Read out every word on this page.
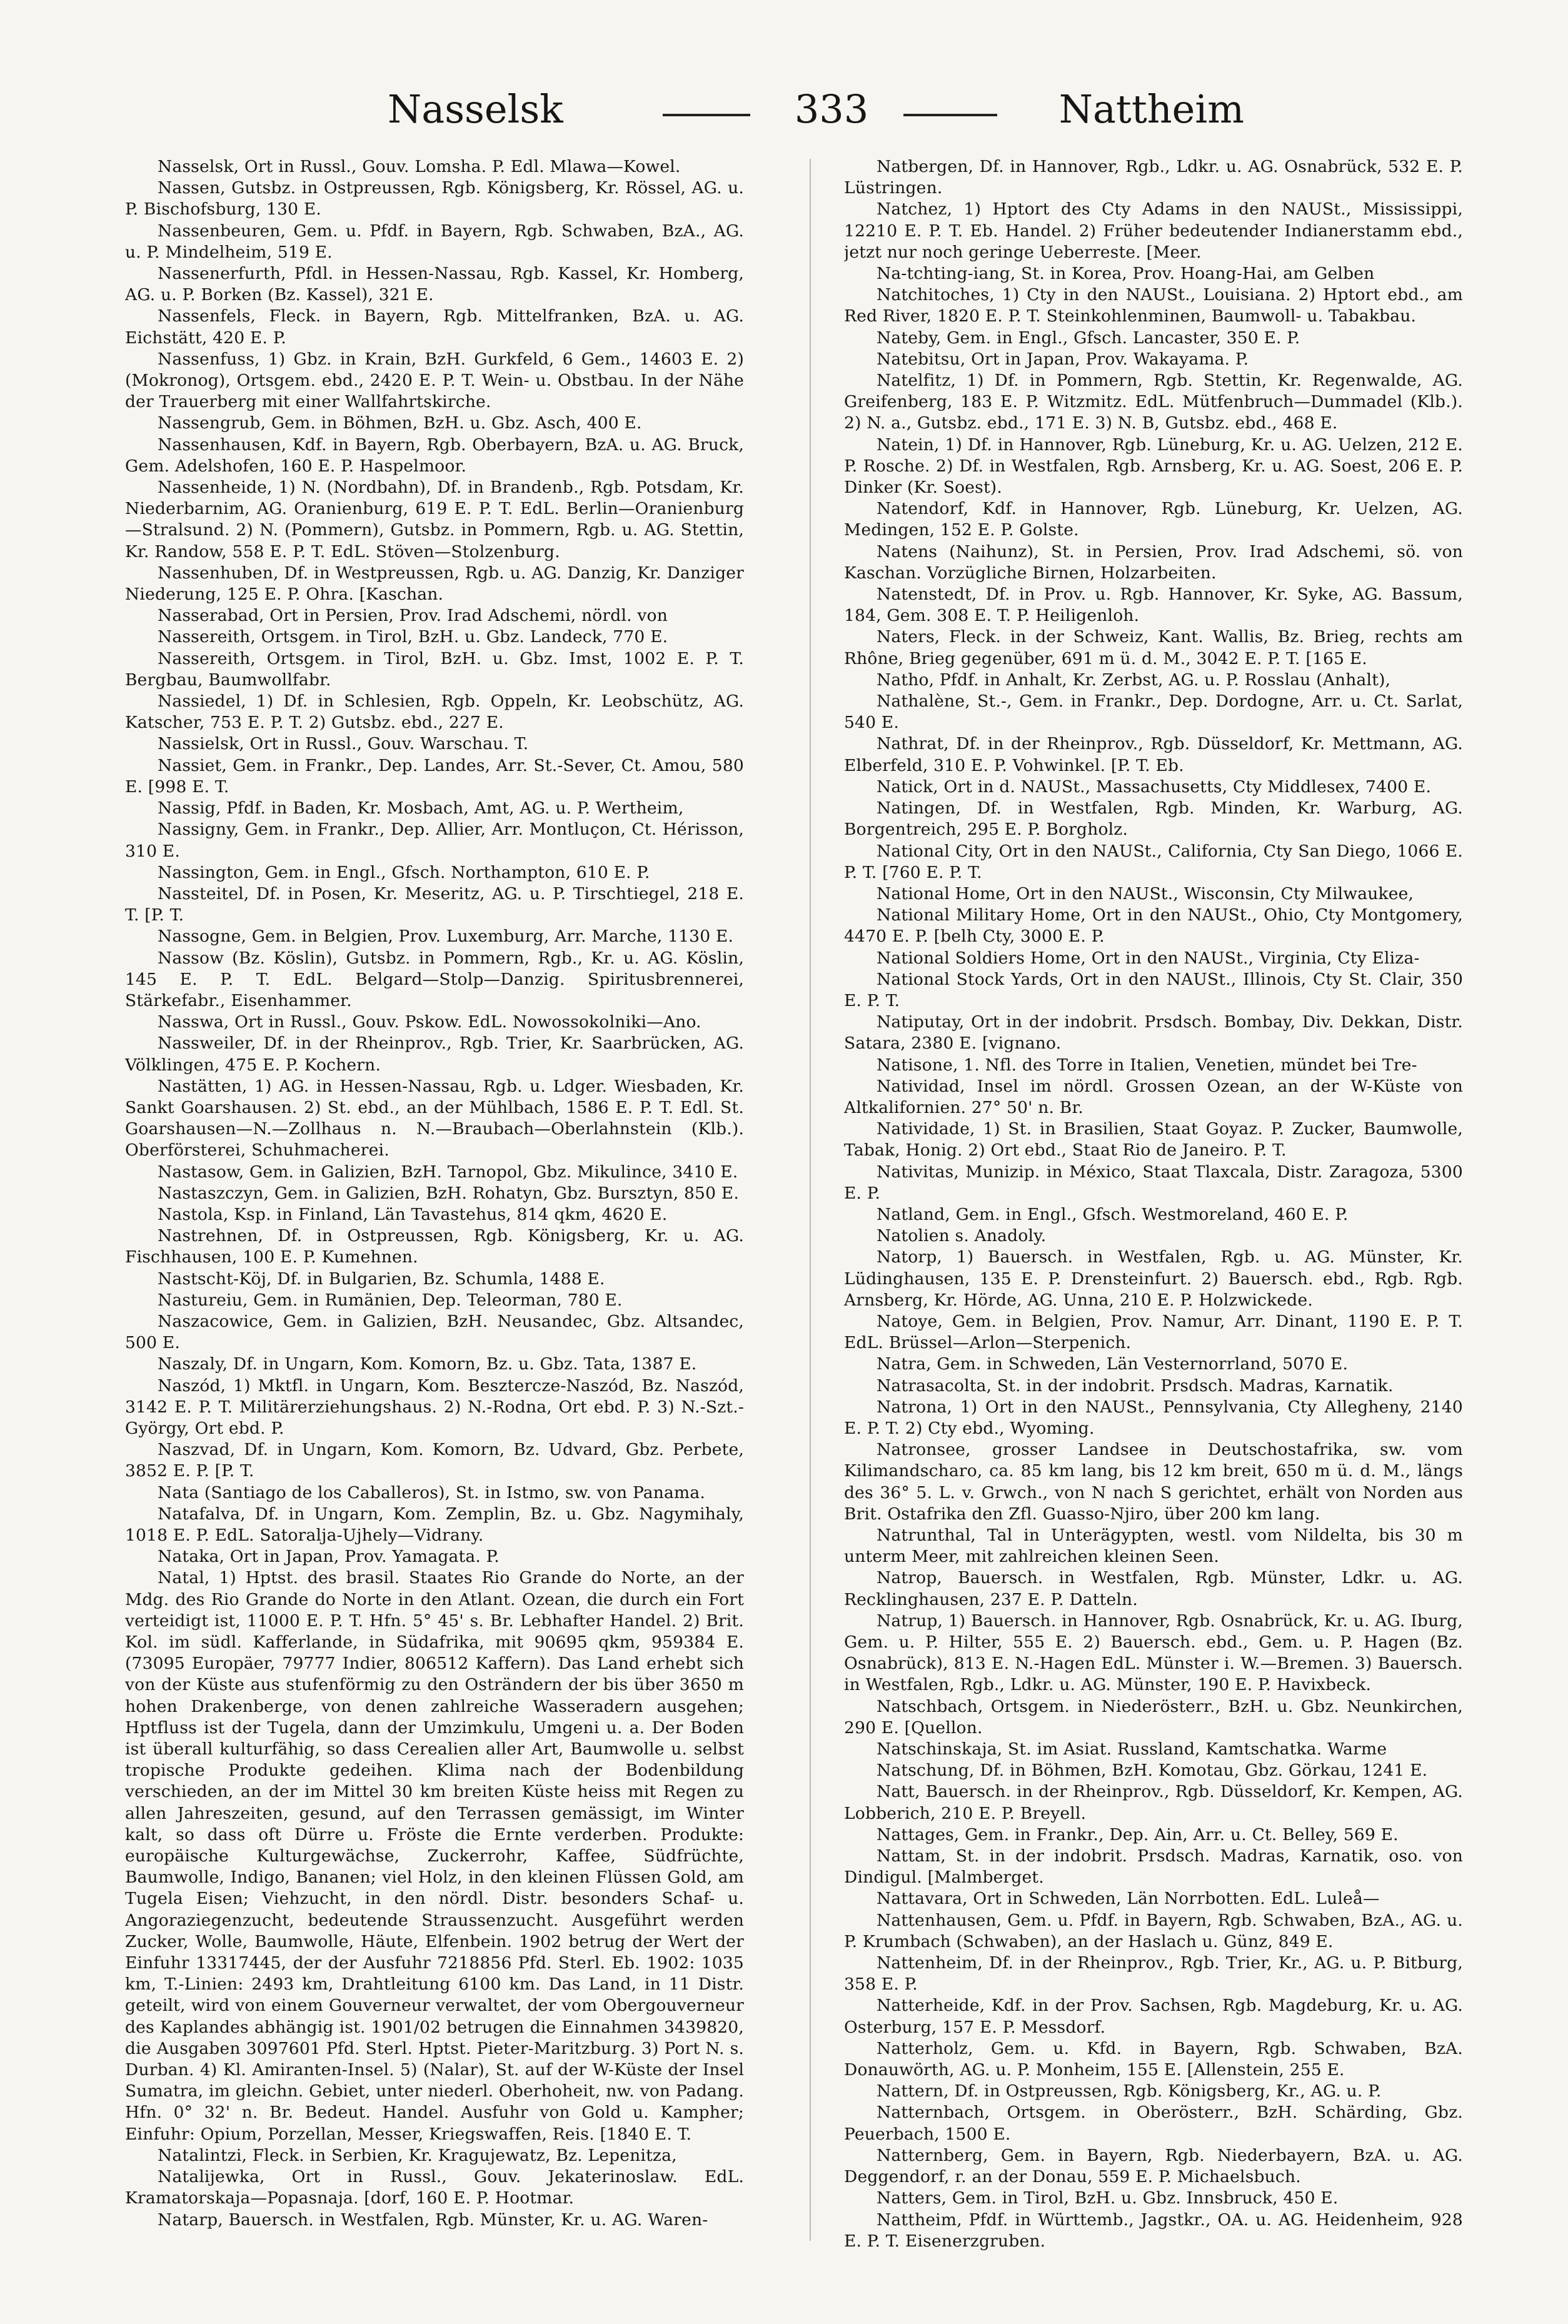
Nasselsk	333	Nattheim

Nasselsk, Ort in Russl., Gouv. Lomsha. P. Edl. Mlawa—Kowel.

Nassen, Gutsbz. in Ostpreussen, Rgb. Königsberg, Kr. Rössel, AG. u. P. Bischofsburg, 130 E.

Nassenbeuren, Gem. u. Pfdf. in Bayern, Rgb. Schwaben, BzA., AG. u. P. Mindelheim, 519 E.

Nassenerfurth, Pfdl. in Hessen-Nassau, Rgb. Kassel, Kr. Homberg, AG. u. P. Borken (Bz. Kassel), 321 E.

Nassenfels, Fleck. in Bayern, Rgb. Mittelfranken, BzA. u. AG. Eichstätt, 420 E. P.

Nassenfuss, 1) Gbz. in Krain, BzH. Gurkfeld, 6 Gem., 14603 E. 2) (Mokronog), Ortsgem. ebd., 2420 E. P. T. Wein- u. Obstbau. In der Nähe der Trauerberg mit einer Wallfahrtskirche.

Nassengrub, Gem. in Böhmen, BzH. u. Gbz. Asch, 400 E.

Nassenhausen, Kdf. in Bayern, Rgb. Oberbayern, BzA. u. AG. Bruck, Gem. Adelshofen, 160 E. P. Haspelmoor.

Nassenheide, 1) N. (Nordbahn), Df. in Brandenb., Rgb. Potsdam, Kr. Niederbarnim, AG. Oranienburg, 619 E. P. T. EdL. Berlin—Oranienburg—Stralsund. 2) N. (Pommern), Gutsbz. in Pommern, Rgb. u. AG. Stettin, Kr. Randow, 558 E. P. T. EdL. Stöven—Stolzenburg.

Nassenhuben, Df. in Westpreussen, Rgb. u. AG. Danzig, Kr. Danziger Niederung, 125 E. P. Ohra. [Kaschan.

Nasserabad, Ort in Persien, Prov. Irad Adschemi, nördl. von

Nassereith, Ortsgem. in Tirol, BzH. u. Gbz. Landeck, 770 E.

Nassereith, Ortsgem. in Tirol, BzH. u. Gbz. Imst, 1002 E. P. T. Bergbau, Baumwollfabr.

Nassiedel, 1) Df. in Schlesien, Rgb. Oppeln, Kr. Leobschütz, AG. Katscher, 753 E. P. T. 2) Gutsbz. ebd., 227 E.

Nassielsk, Ort in Russl., Gouv. Warschau. T.

Nassiet, Gem. in Frankr., Dep. Landes, Arr. St.-Sever, Ct. Amou, 580 E. [998 E. T.

Nassig, Pfdf. in Baden, Kr. Mosbach, Amt, AG. u. P. Wertheim,

Nassigny, Gem. in Frankr., Dep. Allier, Arr. Montluçon, Ct. Hérisson, 310 E.

Nassington, Gem. in Engl., Gfsch. Northampton, 610 E. P.

Nassteitel, Df. in Posen, Kr. Meseritz, AG. u. P. Tirschtiegel, 218 E. T. [P. T.

Nassogne, Gem. in Belgien, Prov. Luxemburg, Arr. Marche, 1130 E.

Nassow (Bz. Köslin), Gutsbz. in Pommern, Rgb., Kr. u. AG. Köslin, 145 E. P. T. EdL. Belgard—Stolp—Danzig. Spiritusbrennerei, Stärkefabr., Eisenhammer.

Nasswa, Ort in Russl., Gouv. Pskow. EdL. Nowossokolniki—Ano.

Nassweiler, Df. in der Rheinprov., Rgb. Trier, Kr. Saarbrücken, AG. Völklingen, 475 E. P. Kochern.

Nastätten, 1) AG. in Hessen-Nassau, Rgb. u. Ldger. Wiesbaden, Kr. Sankt Goarshausen. 2) St. ebd., an der Mühlbach, 1586 E. P. T. Edl. St. Goarshausen—N.—Zollhaus n. N.—Braubach—Oberlahnstein (Klb.). Oberförsterei, Schuhmacherei.

Nastasow, Gem. in Galizien, BzH. Tarnopol, Gbz. Mikulince, 3410 E.

Nastaszczyn, Gem. in Galizien, BzH. Rohatyn, Gbz. Bursztyn, 850 E.

Nastola, Ksp. in Finland, Län Tavastehus, 814 qkm, 4620 E.

Nastrehnen, Df. in Ostpreussen, Rgb. Königsberg, Kr. u. AG. Fischhausen, 100 E. P. Kumehnen.

Nastscht-Köj, Df. in Bulgarien, Bz. Schumla, 1488 E.

Nastureiu, Gem. in Rumänien, Dep. Teleorman, 780 E.

Naszacowice, Gem. in Galizien, BzH. Neusandec, Gbz. Altsandec, 500 E.

Naszaly, Df. in Ungarn, Kom. Komorn, Bz. u. Gbz. Tata, 1387 E.

Naszód, 1) Mktfl. in Ungarn, Kom. Besztercze-Naszód, Bz. Naszód, 3142 E. P. T. Militärerziehungshaus. 2) N.-Rodna, Ort ebd. P. 3) N.-Szt.-György, Ort ebd. P.

Naszvad, Df. in Ungarn, Kom. Komorn, Bz. Udvard, Gbz. Perbete, 3852 E. P. [P. T.

Nata (Santiago de los Caballeros), St. in Istmo, sw. von Panama.

Natafalva, Df. in Ungarn, Kom. Zemplin, Bz. u. Gbz. Nagymihaly, 1018 E. P. EdL. Satoralja-Ujhely—Vidrany.

Nataka, Ort in Japan, Prov. Yamagata. P.

Natal, 1) Hptst. des brasil. Staates Rio Grande do Norte, an der Mdg. des Rio Grande do Norte in den Atlant. Ozean, die durch ein Fort verteidigt ist, 11000 E. P. T. Hfn. 5° 45' s. Br. Lebhafter Handel. 2) Brit. Kol. im südl. Kafferlande, in Südafrika, mit 90695 qkm, 959384 E. (73095 Europäer, 79777 Indier, 806512 Kaffern). Das Land erhebt sich von der Küste aus stufenförmig zu den Osträndern der bis über 3650 m hohen Drakenberge, von denen zahlreiche Wasseradern ausgehen; Hptfluss ist der Tugela, dann der Umzimkulu, Umgeni u. a. Der Boden ist überall kulturfähig, so dass Cerealien aller Art, Baumwolle u. selbst tropische Produkte gedeihen. Klima nach der Bodenbildung verschieden, an der im Mittel 30 km breiten Küste heiss mit Regen zu allen Jahreszeiten, gesund, auf den Terrassen gemässigt, im Winter kalt, so dass oft Dürre u. Fröste die Ernte verderben. Produkte: europäische Kulturgewächse, Zuckerrohr, Kaffee, Südfrüchte, Baumwolle, Indigo, Bananen; viel Holz, in den kleinen Flüssen Gold, am Tugela Eisen; Viehzucht, in den nördl. Distr. besonders Schaf- u. Angoraziegenzucht, bedeutende Straussenzucht. Ausgeführt werden Zucker, Wolle, Baumwolle, Häute, Elfenbein. 1902 betrug der Wert der Einfuhr 13317445, der der Ausfuhr 7218856 Pfd. Sterl. Eb. 1902: 1035 km, T.-Linien: 2493 km, Drahtleitung 6100 km. Das Land, in 11 Distr. geteilt, wird von einem Gouverneur verwaltet, der vom Obergouverneur des Kaplandes abhängig ist. 1901/02 betrugen die Einnahmen 3439820, die Ausgaben 3097601 Pfd. Sterl. Hptst. Pieter-Maritzburg. 3) Port N. s. Durban. 4) Kl. Amiranten-Insel. 5) (Nalar), St. auf der W-Küste der Insel Sumatra, im gleichn. Gebiet, unter niederl. Oberhoheit, nw. von Padang. Hfn. 0° 32' n. Br. Bedeut. Handel. Ausfuhr von Gold u. Kampher; Einfuhr: Opium, Porzellan, Messer, Kriegswaffen, Reis. [1840 E. T.

Natalintzi, Fleck. in Serbien, Kr. Kragujewatz, Bz. Lepenitza,

Natalijewka, Ort in Russl., Gouv. Jekaterinoslaw. EdL. Kramatorskaja—Popasnaja. [dorf, 160 E. P. Hootmar.

Natarp, Bauersch. in Westfalen, Rgb. Münster, Kr. u. AG. Waren-

Natbergen, Df. in Hannover, Rgb., Ldkr. u. AG. Osnabrück, 532 E. P. Lüstringen.

Natchez, 1) Hptort des Cty Adams in den NAUSt., Mississippi, 12210 E. P. T. Eb. Handel. 2) Früher bedeutender Indianerstamm ebd., jetzt nur noch geringe Ueberreste. [Meer.

Na-tchting-iang, St. in Korea, Prov. Hoang-Hai, am Gelben

Natchitoches, 1) Cty in den NAUSt., Louisiana. 2) Hptort ebd., am Red River, 1820 E. P. T. Steinkohlenminen, Baumwoll- u. Tabakbau.

Nateby, Gem. in Engl., Gfsch. Lancaster, 350 E. P.

Natebitsu, Ort in Japan, Prov. Wakayama. P.

Natelfitz, 1) Df. in Pommern, Rgb. Stettin, Kr. Regenwalde, AG. Greifenberg, 183 E. P. Witzmitz. EdL. Mütfenbruch—Dummadel (Klb.). 2) N. a., Gutsbz. ebd., 171 E. 3) N. B, Gutsbz. ebd., 468 E.

Natein, 1) Df. in Hannover, Rgb. Lüneburg, Kr. u. AG. Uelzen, 212 E. P. Rosche. 2) Df. in Westfalen, Rgb. Arnsberg, Kr. u. AG. Soest, 206 E. P. Dinker (Kr. Soest).

Natendorf, Kdf. in Hannover, Rgb. Lüneburg, Kr. Uelzen, AG. Medingen, 152 E. P. Golste.

Natens (Naihunz), St. in Persien, Prov. Irad Adschemi, sö. von Kaschan. Vorzügliche Birnen, Holzarbeiten.

Natenstedt, Df. in Prov. u. Rgb. Hannover, Kr. Syke, AG. Bassum, 184, Gem. 308 E. T. P. Heiligenloh.

Naters, Fleck. in der Schweiz, Kant. Wallis, Bz. Brieg, rechts am Rhône, Brieg gegenüber, 691 m ü. d. M., 3042 E. P. T. [165 E.

Natho, Pfdf. in Anhalt, Kr. Zerbst, AG. u. P. Rosslau (Anhalt),

Nathalène, St.-, Gem. in Frankr., Dep. Dordogne, Arr. u. Ct. Sarlat, 540 E.

Nathrat, Df. in der Rheinprov., Rgb. Düsseldorf, Kr. Mettmann, AG. Elberfeld, 310 E. P. Vohwinkel. [P. T. Eb.

Natick, Ort in d. NAUSt., Massachusetts, Cty Middlesex, 7400 E.

Natingen, Df. in Westfalen, Rgb. Minden, Kr. Warburg, AG. Borgentreich, 295 E. P. Borgholz.

National City, Ort in den NAUSt., California, Cty San Diego, 1066 E. P. T. [760 E. P. T.

National Home, Ort in den NAUSt., Wisconsin, Cty Milwaukee,

National Military Home, Ort in den NAUSt., Ohio, Cty Montgomery, 4470 E. P. [belh Cty, 3000 E. P.

National Soldiers Home, Ort in den NAUSt., Virginia, Cty Eliza-

National Stock Yards, Ort in den NAUSt., Illinois, Cty St. Clair, 350 E. P. T.

Natiputay, Ort in der indobrit. Prsdsch. Bombay, Div. Dekkan, Distr. Satara, 2380 E. [vignano.

Natisone, 1. Nfl. des Torre in Italien, Venetien, mündet bei Tre-

Natividad, Insel im nördl. Grossen Ozean, an der W-Küste von Altkalifornien. 27° 50' n. Br.

Natividade, 1) St. in Brasilien, Staat Goyaz. P. Zucker, Baumwolle, Tabak, Honig. 2) Ort ebd., Staat Rio de Janeiro. P. T.

Nativitas, Munizip. in México, Staat Tlaxcala, Distr. Zaragoza, 5300 E. P.

Natland, Gem. in Engl., Gfsch. Westmoreland, 460 E. P.

Natolien s. Anadoly.

Natorp, 1) Bauersch. in Westfalen, Rgb. u. AG. Münster, Kr. Lüdinghausen, 135 E. P. Drensteinfurt. 2) Bauersch. ebd., Rgb. Rgb. Arnsberg, Kr. Hörde, AG. Unna, 210 E. P. Holzwickede.

Natoye, Gem. in Belgien, Prov. Namur, Arr. Dinant, 1190 E. P. T. EdL. Brüssel—Arlon—Sterpenich.

Natra, Gem. in Schweden, Län Vesternorrland, 5070 E.

Natrasacolta, St. in der indobrit. Prsdsch. Madras, Karnatik.

Natrona, 1) Ort in den NAUSt., Pennsylvania, Cty Allegheny, 2140 E. P. T. 2) Cty ebd., Wyoming.

Natronsee, grosser Landsee in Deutschostafrika, sw. vom Kilimandscharo, ca. 85 km lang, bis 12 km breit, 650 m ü. d. M., längs des 36° 5. L. v. Grwch., von N nach S gerichtet, erhält von Norden aus Brit. Ostafrika den Zfl. Guasso-Njiro, über 200 km lang.

Natrunthal, Tal in Unterägypten, westl. vom Nildelta, bis 30 m unterm Meer, mit zahlreichen kleinen Seen.

Natrop, Bauersch. in Westfalen, Rgb. Münster, Ldkr. u. AG. Recklinghausen, 237 E. P. Datteln.

Natrup, 1) Bauersch. in Hannover, Rgb. Osnabrück, Kr. u. AG. Iburg, Gem. u. P. Hilter, 555 E. 2) Bauersch. ebd., Gem. u. P. Hagen (Bz. Osnabrück), 813 E. N.-Hagen EdL. Münster i. W.—Bremen. 3) Bauersch. in Westfalen, Rgb., Ldkr. u. AG. Münster, 190 E. P. Havixbeck.

Natschbach, Ortsgem. in Niederösterr., BzH. u. Gbz. Neunkirchen, 290 E. [Quellon.

Natschinskaja, St. im Asiat. Russland, Kamtschatka. Warme

Natschung, Df. in Böhmen, BzH. Komotau, Gbz. Görkau, 1241 E.

Natt, Bauersch. in der Rheinprov., Rgb. Düsseldorf, Kr. Kempen, AG. Lobberich, 210 E. P. Breyell.

Nattages, Gem. in Frankr., Dep. Ain, Arr. u. Ct. Belley, 569 E.

Nattam, St. in der indobrit. Prsdsch. Madras, Karnatik, oso. von Dindigul. [Malmberget.

Nattavara, Ort in Schweden, Län Norrbotten. EdL. Luleå—

Nattenhausen, Gem. u. Pfdf. in Bayern, Rgb. Schwaben, BzA., AG. u. P. Krumbach (Schwaben), an der Haslach u. Günz, 849 E.

Nattenheim, Df. in der Rheinprov., Rgb. Trier, Kr., AG. u. P. Bitburg, 358 E. P.

Natterheide, Kdf. in der Prov. Sachsen, Rgb. Magdeburg, Kr. u. AG. Osterburg, 157 E. P. Messdorf.

Natterholz, Gem. u. Kfd. in Bayern, Rgb. Schwaben, BzA. Donauwörth, AG. u. P. Monheim, 155 E. [Allenstein, 255 E.

Nattern, Df. in Ostpreussen, Rgb. Königsberg, Kr., AG. u. P.

Natternbach, Ortsgem. in Oberösterr., BzH. Schärding, Gbz. Peuerbach, 1500 E.

Natternberg, Gem. in Bayern, Rgb. Niederbayern, BzA. u. AG. Deggendorf, r. an der Donau, 559 E. P. Michaelsbuch.

Natters, Gem. in Tirol, BzH. u. Gbz. Innsbruck, 450 E.

Nattheim, Pfdf. in Württemb., Jagstkr., OA. u. AG. Heidenheim, 928 E. P. T. Eisenerzgruben.
